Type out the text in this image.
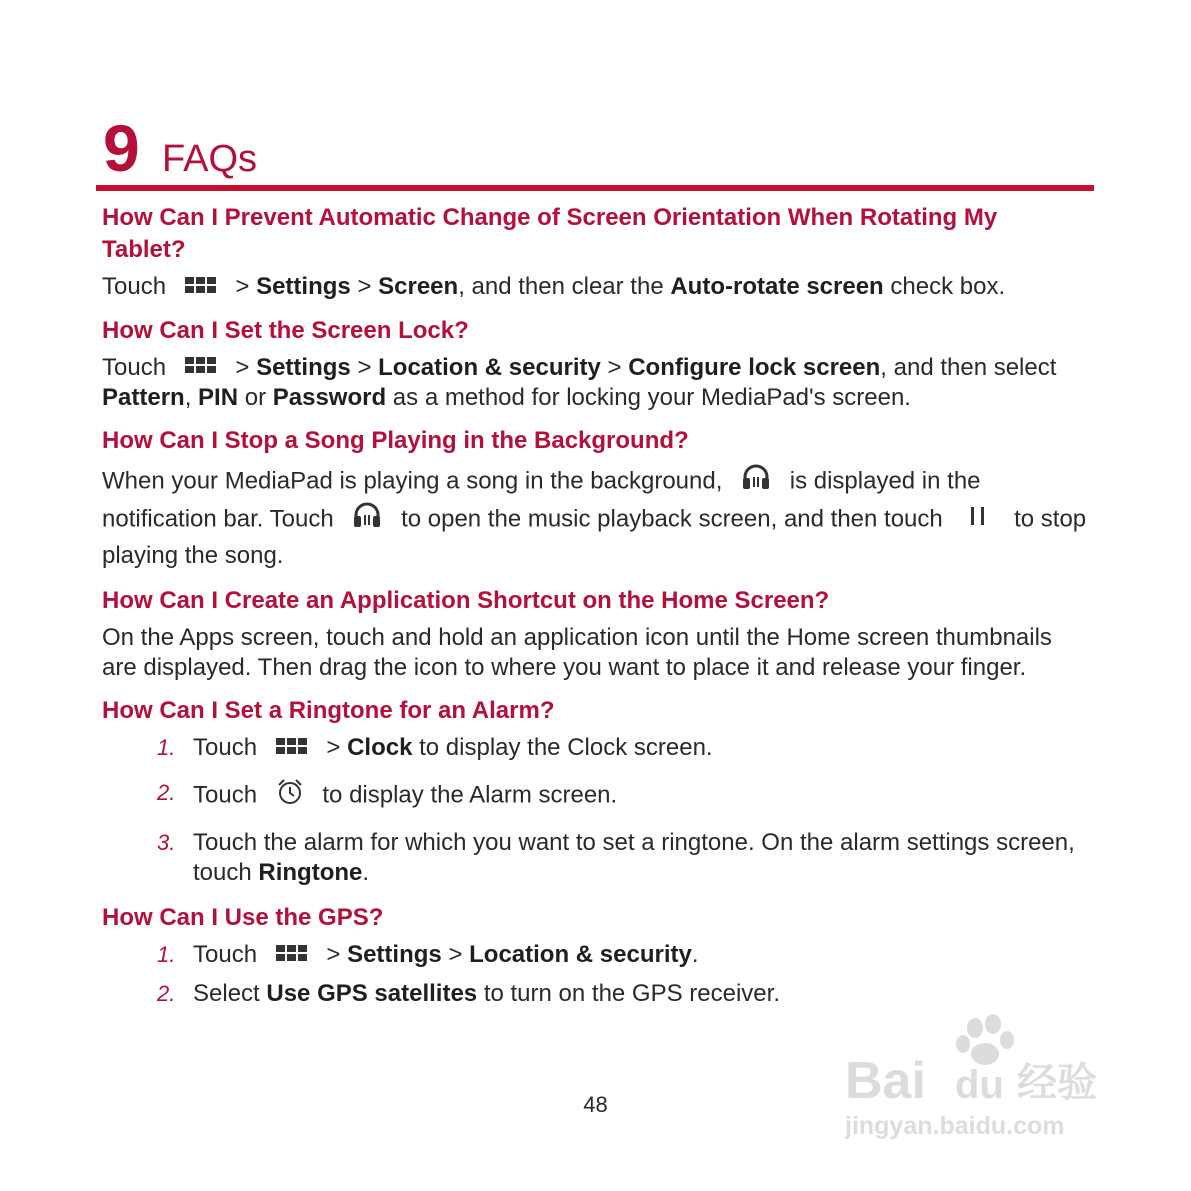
9 FAQs
How Can I Prevent Automatic Change of Screen Orientation When Rotating My Tablet?

Touch	> Settings > Screen, and then clear the Auto-rotate screen check box.

How Can I Set the Screen Lock?

Touch	> Settings > Location & security > Configure lock screen, and then select Pattern, PIN or Password as a method for locking your MediaPad's screen.

How Can I Stop a Song Playing in the Background?

When your MediaPad is playing a song in the background,	is displayed in the notification bar. Touch	to open the music playback screen, and then touch	to stop playing the song.

How Can I Create an Application Shortcut on the Home Screen?

On the Apps screen, touch and hold an application icon until the Home screen thumbnails are displayed. Then drag the icon to where you want to place it and release your finger.

How Can I Set a Ringtone for an Alarm?
1. Touch	> Clock to display the Clock screen.
2. Touch	to display the Alarm screen.
3. Touch the alarm for which you want to set a ringtone. On the alarm settings screen, touch Ringtone.
How Can I Use the GPS?
1. Touch	> Settings > Location & security.
2. Select Use GPS satellites to turn on the GPS receiver.
48	Bai du 经验
jingyan.baidu.com
